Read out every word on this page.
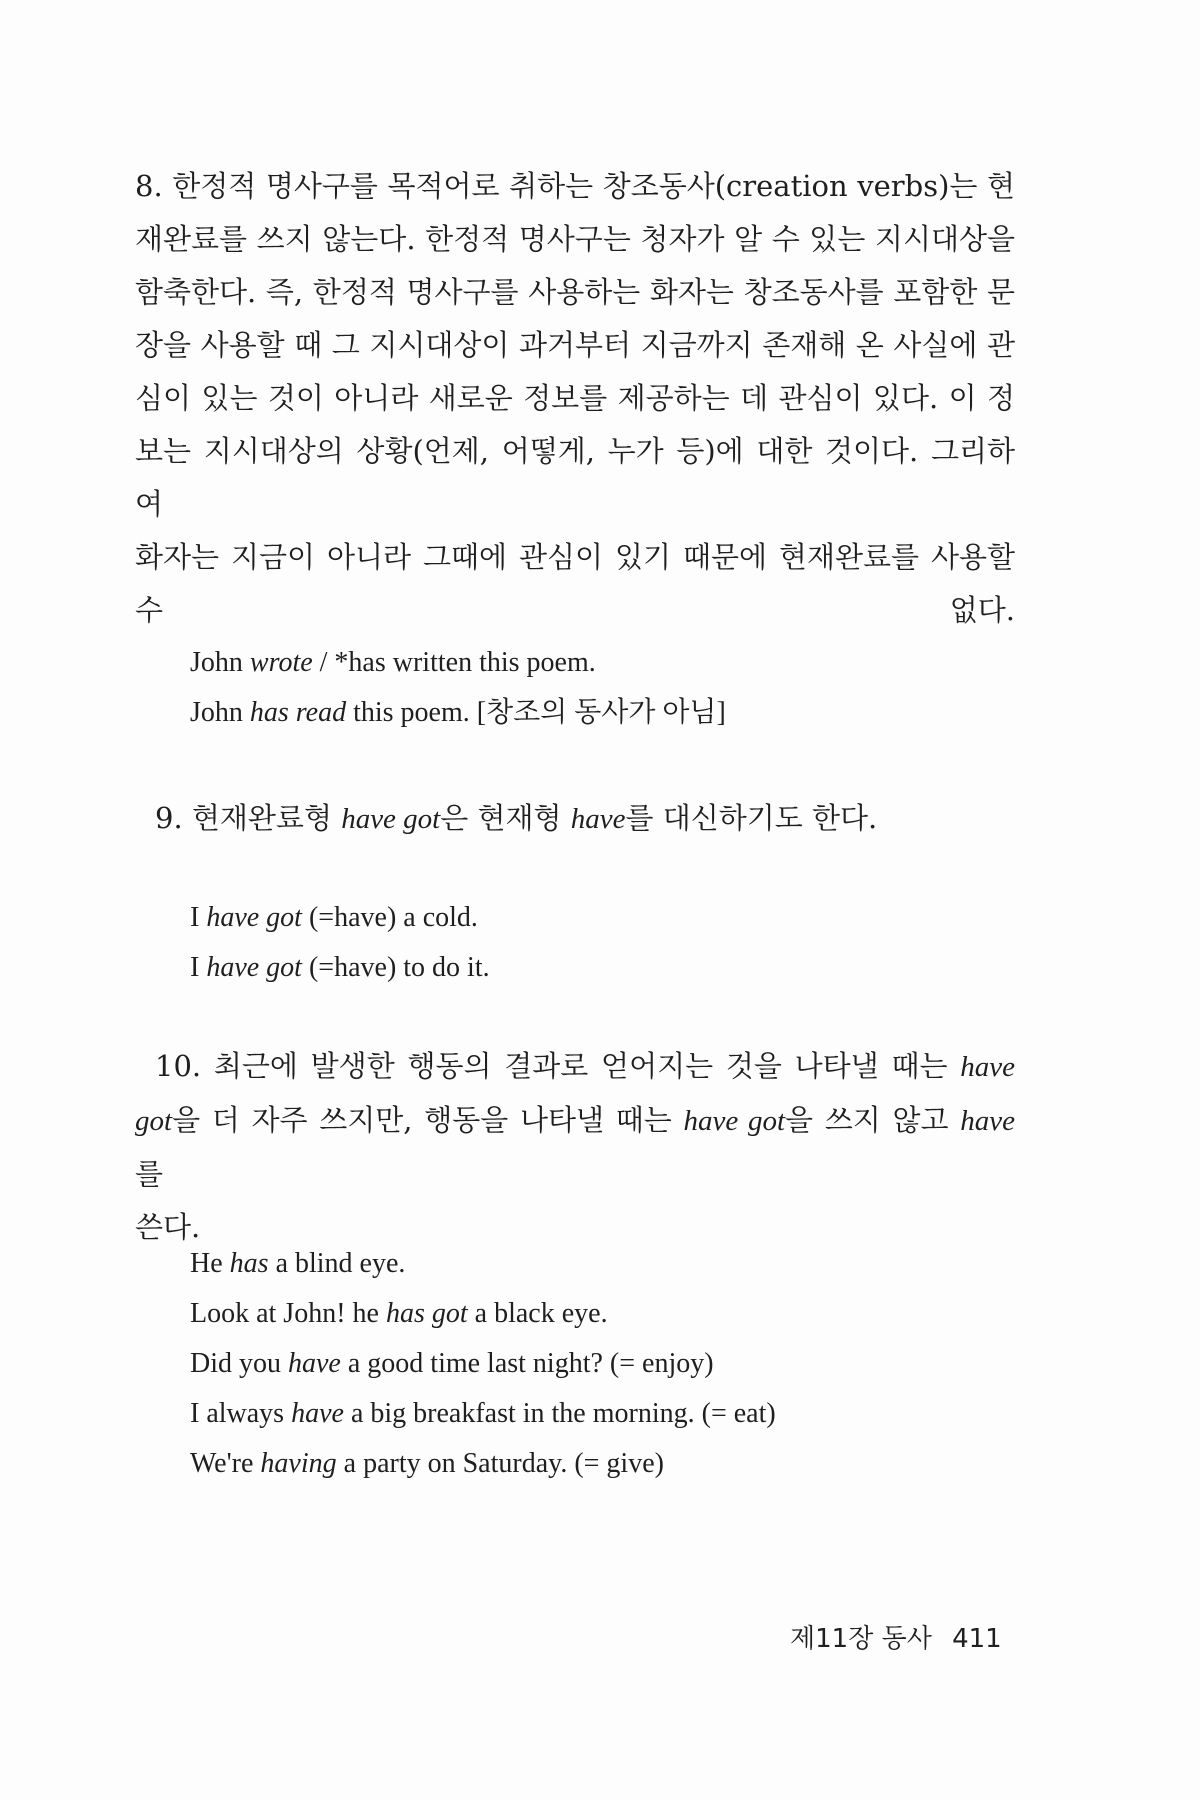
8. 한정적 명사구를 목적어로 취하는 창조동사(creation verbs)는 현
재완료를 쓰지 않는다. 한정적 명사구는 청자가 알 수 있는 지시대상을
함축한다. 즉, 한정적 명사구를 사용하는 화자는 창조동사를 포함한 문
장을 사용할 때 그 지시대상이 과거부터 지금까지 존재해 온 사실에 관
심이 있는 것이 아니라 새로운 정보를 제공하는 데 관심이 있다. 이 정
보는 지시대상의 상황(언제, 어떻게, 누가 등)에 대한 것이다. 그리하여
화자는 지금이 아니라 그때에 관심이 있기 때문에 현재완료를 사용할
수 없다.
John wrote / *has written this poem.
John has read this poem. [창조의 동사가 아님]
9. 현재완료형 have got은 현재형 have를 대신하기도 한다.
I have got (=have) a cold.
I have got (=have) to do it.
10. 최근에 발생한 행동의 결과로 얻어지는 것을 나타낼 때는 have
got을 더 자주 쓰지만, 행동을 나타낼 때는 have got을 쓰지 않고 have를
쓴다.
He has a blind eye.
Look at John! he has got a black eye.
Did you have a good time last night? (= enjoy)
I always have a big breakfast in the morning. (= eat)
We're having a party on Saturday. (= give)
제11장 동사 411
